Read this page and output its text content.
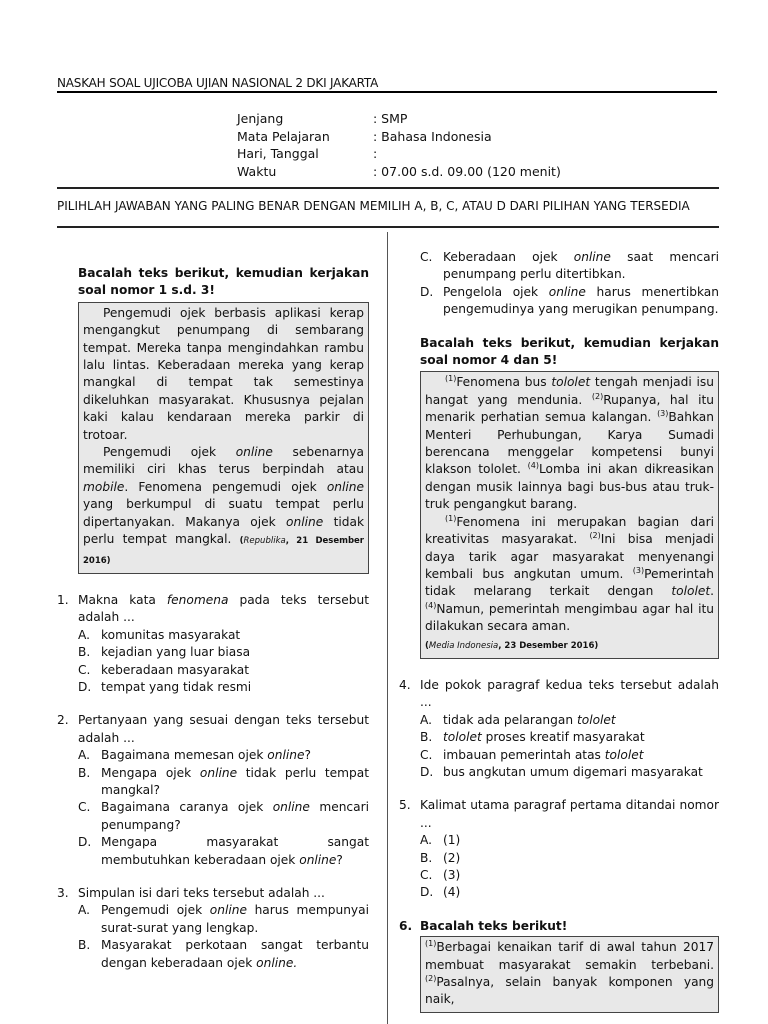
NASKAH SOAL UJICOBA UJIAN NASIONAL 2 DKI JAKARTA
Jenjang	: SMP
Mata Pelajaran	: Bahasa Indonesia
Hari, Tanggal	:
Waktu	: 07.00 s.d. 09.00 (120 menit)
PILIHLAH JAWABAN YANG PALING BENAR DENGAN MEMILIH A, B, C, ATAU D DARI PILIHAN YANG TERSEDIA

Bacalah teks berikut, kemudian kerjakan soal nomor 1 s.d. 3!

Pengemudi ojek berbasis aplikasi kerap mengangkut penumpang di sembarang tempat. Mereka tanpa mengindahkan rambu lalu lintas. Keberadaan mereka yang kerap mangkal di tempat tak semestinya dikeluhkan masyarakat. Khususnya pejalan kaki kalau kendaraan mereka parkir di trotoar.

Pengemudi ojek online sebenarnya memiliki ciri khas terus berpindah atau mobile. Fenomena pengemudi ojek online yang berkumpul di suatu tempat perlu dipertanyakan. Makanya ojek online tidak perlu tempat mangkal. (Republika, 21 Desember 2016)

1. Makna kata fenomena pada teks tersebut adalah ...
A. komunitas masyarakat
B. kejadian yang luar biasa
C. keberadaan masyarakat
D. tempat yang tidak resmi
2. Pertanyaan yang sesuai dengan teks tersebut adalah ...
A. Bagaimana memesan ojek online?
B. Mengapa ojek online tidak perlu tempat mangkal?
C. Bagaimana caranya ojek online mencari penumpang?
D. Mengapa masyarakat sangat membutuhkan keberadaan ojek online?
3. Simpulan isi dari teks tersebut adalah ...
A. Pengemudi ojek online harus mempunyai surat-surat yang lengkap.
B. Masyarakat perkotaan sangat terbantu dengan keberadaan ojek online.
C. Keberadaan ojek online saat mencari penumpang perlu ditertibkan.
D. Pengelola ojek online harus menertibkan pengemudinya yang merugikan penumpang.

Bacalah teks berikut, kemudian kerjakan soal nomor 4 dan 5!

$^{(1)}$Fenomena bus tololet tengah menjadi isu hangat yang mendunia. $^{(2)}$Rupanya, hal itu menarik perhatian semua kalangan. $^{(3)}$Bahkan Menteri Perhubungan, Karya Sumadi berencana menggelar kompetensi bunyi klakson tololet. $^{(4)}$Lomba ini akan dikreasikan dengan musik lainnya bagi bus-bus atau truk-truk pengangkut barang.

$^{(1)}$Fenomena ini merupakan bagian dari kreativitas masyarakat. $^{(2)}$Ini bisa menjadi daya tarik agar masyarakat menyenangi kembali bus angkutan umum. $^{(3)}$Pemerintah tidak melarang terkait dengan tololet. $^{(4)}$Namun, pemerintah mengimbau agar hal itu dilakukan secara aman.

(Media Indonesia, 23 Desember 2016)

4. Ide pokok paragraf kedua teks tersebut adalah ...
A. tidak ada pelarangan tololet
B. tololet proses kreatif masyarakat
C. imbauan pemerintah atas tololet
D. bus angkutan umum digemari masyarakat
5. Kalimat utama paragraf pertama ditandai nomor ...
A. (1)
B. (2)
C. (3)
D. (4)
6. Bacalah teks berikut!

$^{(1)}$Berbagai kenaikan tarif di awal tahun 2017 membuat masyarakat semakin terbebani. $^{(2)}$Pasalnya, selain banyak komponen yang naik,
